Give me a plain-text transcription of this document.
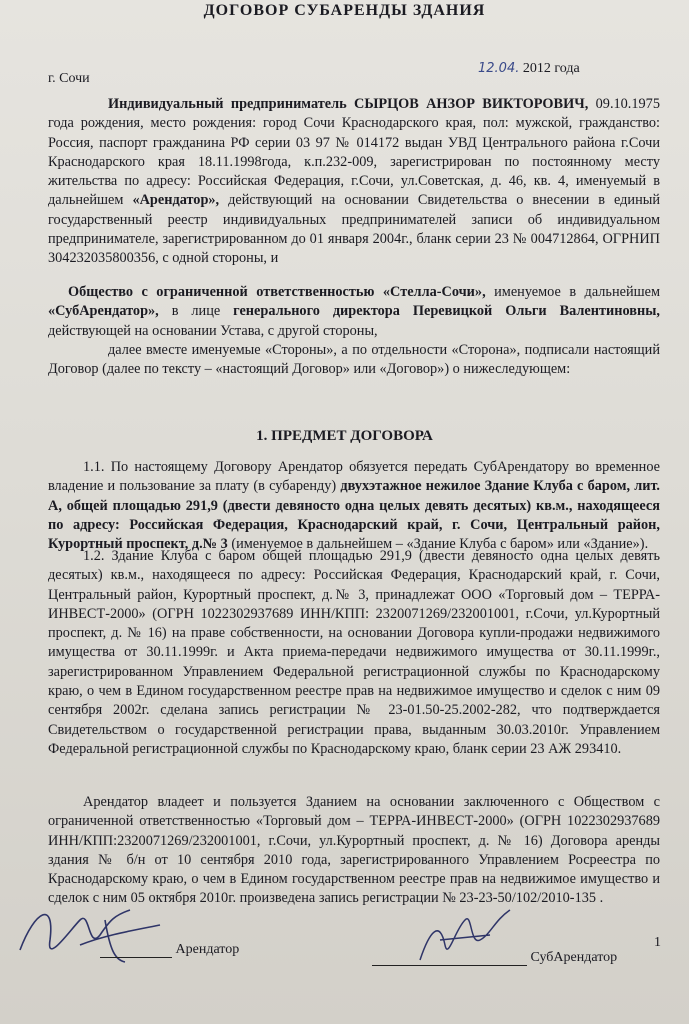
ДОГОВОР СУБАРЕНДЫ ЗДАНИЯ
г. Сочи
12.04. 2012 года
Индивидуальный предприниматель СЫРЦОВ АНЗОР ВИКТОРОВИЧ, 09.10.1975 года рождения, место рождения: город Сочи Краснодарского края, пол: мужской, гражданство: Россия, паспорт гражданина РФ серии 03 97 № 014172 выдан УВД Центрального района г.Сочи Краснодарского края 18.11.1998года, к.п.232-009, зарегистрирован по постоянному месту жительства по адресу: Российская Федерация, г.Сочи, ул.Советская, д. 46, кв. 4, именуемый в дальнейшем «Арендатор», действующий на основании Свидетельства о внесении в единый государственный реестр индивидуальных предпринимателей записи об индивидуальном предпринимателе, зарегистрированном до 01 января 2004г., бланк серии 23 № 004712864, ОГРНИП 304232035800356, с одной стороны, и
Общество с ограниченной ответственностью «Стелла-Сочи», именуемое в дальнейшем «СубАрендатор», в лице генерального директора Перевицкой Ольги Валентиновны, действующей на основании Устава, с другой стороны,
далее вместе именуемые «Стороны», а по отдельности «Сторона», подписали настоящий Договор (далее по тексту – «настоящий Договор» или «Договор») о нижеследующем:
1. ПРЕДМЕТ ДОГОВОРА
1.1. По настоящему Договору Арендатор обязуется передать СубАрендатору во временное владение и пользование за плату (в субаренду) двухэтажное нежилое Здание Клуба с баром, лит. А, общей площадью 291,9 (двести девяносто одна целых девять десятых) кв.м., находящееся по адресу: Российская Федерация, Краснодарский край, г. Сочи, Центральный район, Курортный проспект, д.№ 3 (именуемое в дальнейшем – «Здание Клуба с баром» или «Здание»).
1.2. Здание Клуба с баром общей площадью 291,9 (двести девяносто одна целых девять десятых) кв.м., находящееся по адресу: Российская Федерация, Краснодарский край, г. Сочи, Центральный район, Курортный проспект, д.№ 3, принадлежат ООО «Торговый дом – ТЕРРА-ИНВЕСТ-2000» (ОГРН 1022302937689 ИНН/КПП: 2320071269/232001001, г.Сочи, ул.Курортный проспект, д. № 16) на праве собственности, на основании Договора купли-продажи недвижимого имущества от 30.11.1999г. и Акта приема-передачи недвижимого имущества от 30.11.1999г., зарегистрированном Управлением Федеральной регистрационной службы по Краснодарскому краю, о чем в Едином государственном реестре прав на недвижимое имущество и сделок с ним 09 сентября 2002г. сделана запись регистрации № 23-01.50-25.2002-282, что подтверждается Свидетельством о государственной регистрации права, выданным 30.03.2010г. Управлением Федеральной регистрационной службы по Краснодарскому краю, бланк серии 23 АЖ 293410.
Арендатор владеет и пользуется Зданием на основании заключенного с Обществом с ограниченной ответственностью «Торговый дом – ТЕРРА-ИНВЕСТ-2000» (ОГРН 1022302937689 ИНН/КПП:2320071269/232001001, г.Сочи, ул.Курортный проспект, д. № 16) Договора аренды здания № б/н от 10 сентября 2010 года, зарегистрированного Управлением Росреестра по Краснодарскому краю, о чем в Едином государственном реестре прав на недвижимое имущество и сделок с ним 05 октября 2010г. произведена запись регистрации № 23-23-50/102/2010-135 .
Арендатор
СубАрендатор
1
